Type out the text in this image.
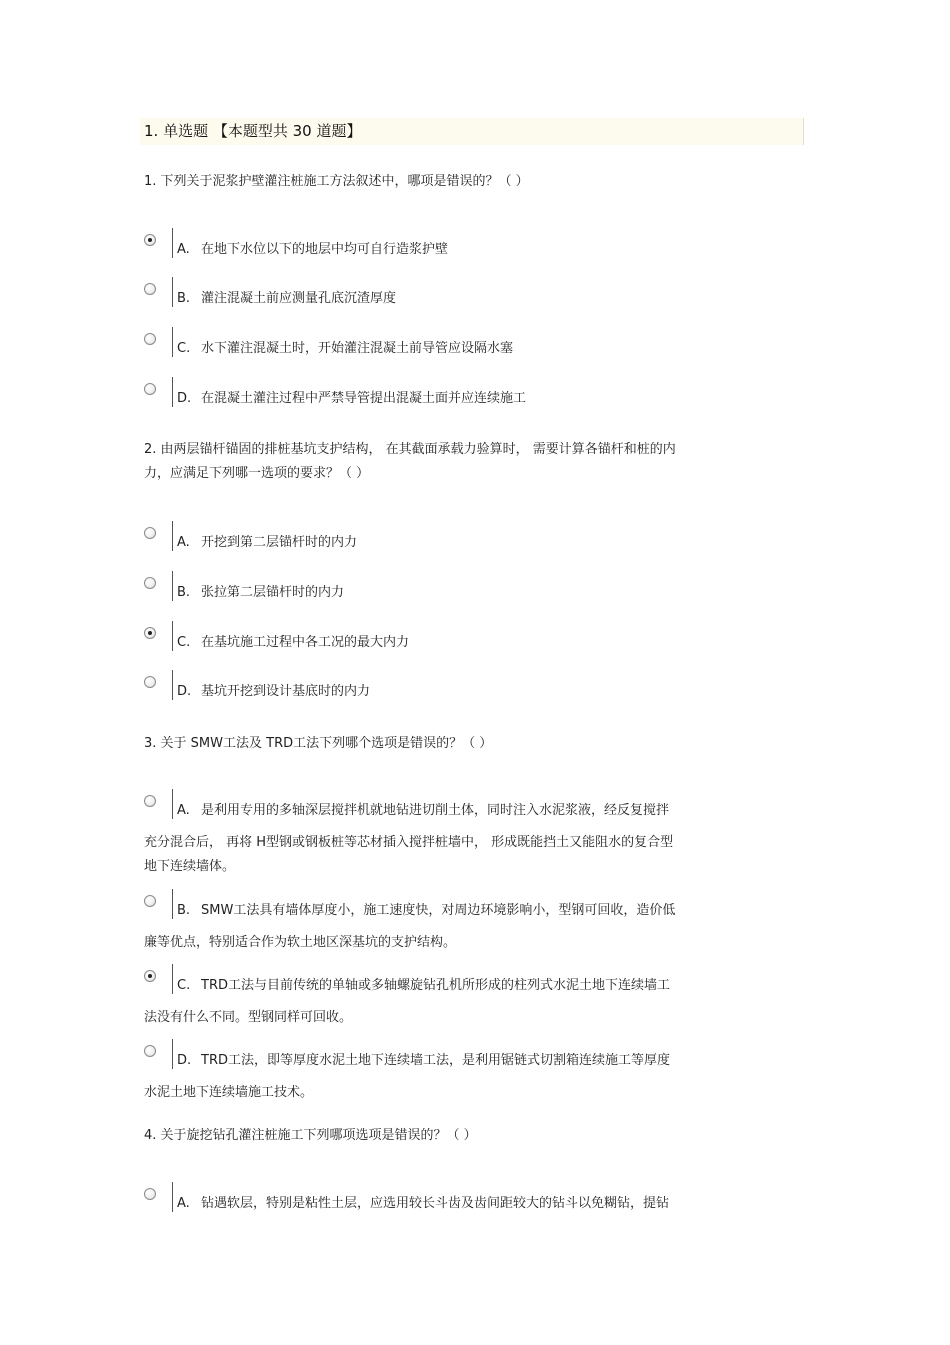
1. 单选题 【本题型共 30 道题】
1. 下列关于泥浆护壁灌注桩施工方法叙述中，哪项是错误的？（ ）
A. 在地下水位以下的地层中均可自行造浆护壁
B. 灌注混凝土前应测量孔底沉渣厚度
C. 水下灌注混凝土时，开始灌注混凝土前导管应设隔水塞
D. 在混凝土灌注过程中严禁导管提出混凝土面并应连续施工
2. 由两层锚杆锚固的排桩基坑支护结构， 在其截面承载力验算时， 需要计算各锚杆和桩的内
力，应满足下列哪一选项的要求？（ ）
A. 开挖到第二层锚杆时的内力
B. 张拉第二层锚杆时的内力
C. 在基坑施工过程中各工况的最大内力
D. 基坑开挖到设计基底时的内力
3. 关于 SMW工法及 TRD工法下列哪个选项是错误的？（ ）
A. 是利用专用的多轴深层搅拌机就地钻进切削土体，同时注入水泥浆液，经反复搅拌
充分混合后， 再将 H型钢或钢板桩等芯材插入搅拌桩墙中， 形成既能挡土又能阻水的复合型
地下连续墙体。
B. SMW工法具有墙体厚度小，施工速度快，对周边环境影响小，型钢可回收，造价低
廉等优点，特别适合作为软土地区深基坑的支护结构。
C. TRD工法与目前传统的单轴或多轴螺旋钻孔机所形成的柱列式水泥土地下连续墙工
法没有什么不同。型钢同样可回收。
D. TRD工法，即等厚度水泥土地下连续墙工法，是利用锯链式切割箱连续施工等厚度
水泥土地下连续墙施工技术。
4. 关于旋挖钻孔灌注桩施工下列哪项选项是错误的？（ ）
A. 钻遇软层，特别是粘性土层，应选用较长斗齿及齿间距较大的钻斗以免糊钻，提钻
